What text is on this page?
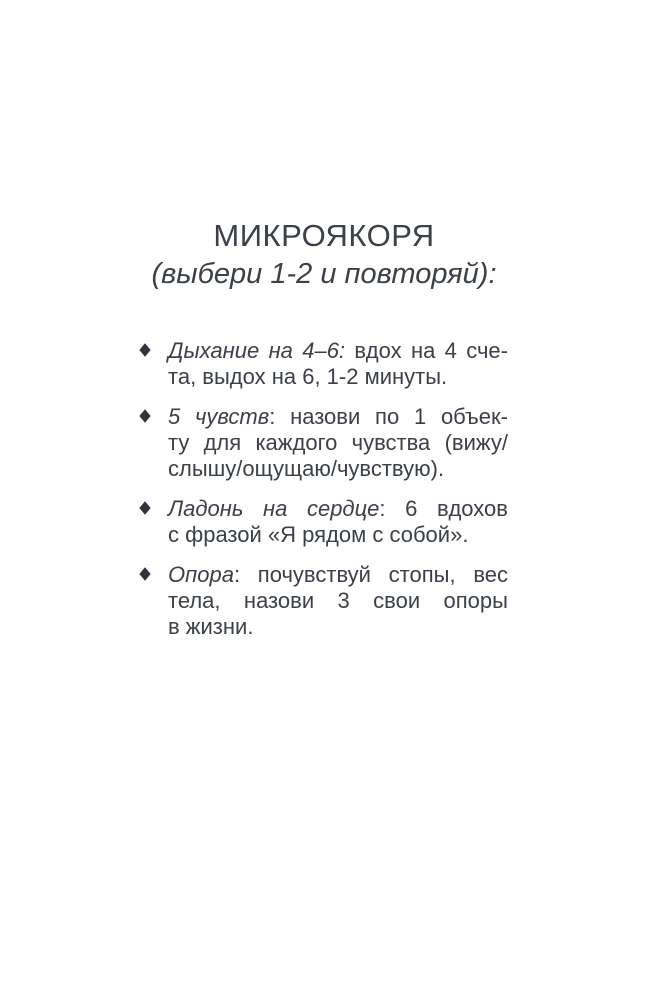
МИКРОЯКОРЯ
(выбери 1-2 и повторяй):
Дыхание на 4–6: вдох на 4 сче-
та, выдох на 6, 1-2 минуты.
5 чувств: назови по 1 объек-
ту для каждого чувства (вижу/
слышу/ощущаю/чувствую).
Ладонь на сердце: 6 вдохов
с фразой «Я рядом с собой».
Опора: почувствуй стопы, вес
тела, назови 3 свои опоры
в жизни.
